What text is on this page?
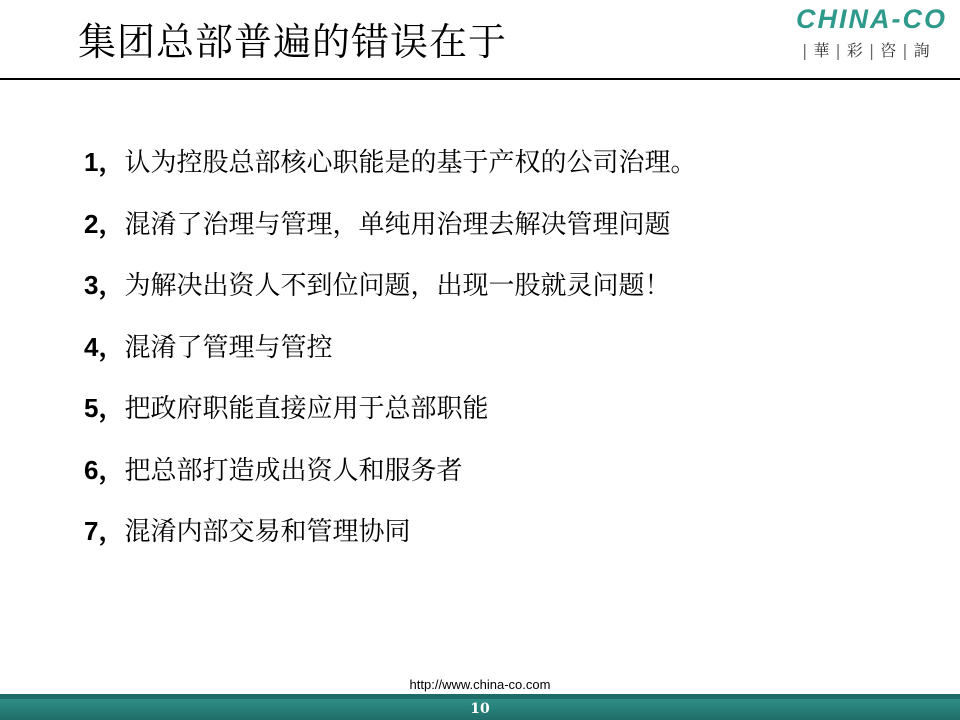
集团总部普遍的错误在于
CHINA-CO
| 華 | 彩 | 咨 | 詢
1，认为控股总部核心职能是的基于产权的公司治理。
2，混淆了治理与管理，单纯用治理去解决管理问题
3，为解决出资人不到位问题，出现一股就灵问题！
4，混淆了管理与管控
5，把政府职能直接应用于总部职能
6，把总部打造成出资人和服务者
7，混淆内部交易和管理协同
http://www.china-co.com
10
